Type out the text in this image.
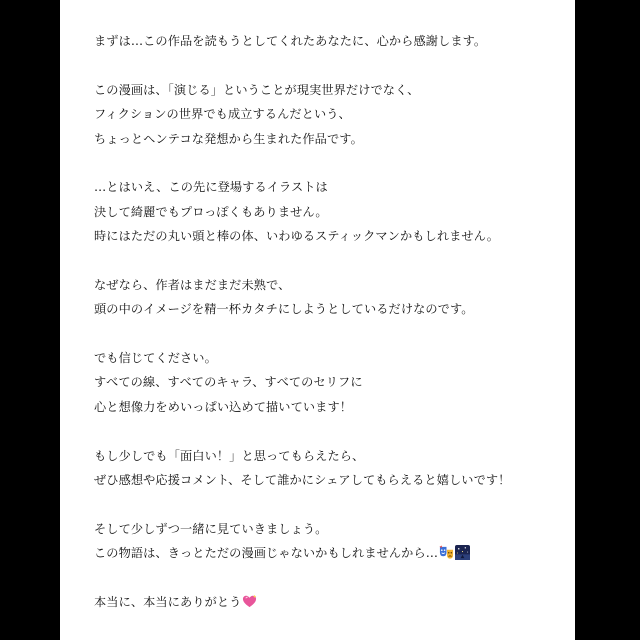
まずは…この作品を読もうとしてくれたあなたに、心から感謝します。
この漫画は、「演じる」ということが現実世界だけでなく、
フィクションの世界でも成立するんだという、
ちょっとヘンテコな発想から生まれた作品です。
…とはいえ、この先に登場するイラストは
決して綺麗でもプロっぽくもありません。
時にはただの丸い頭と棒の体、いわゆるスティックマンかもしれません。
なぜなら、作者はまだまだ未熟で、
頭の中のイメージを精一杯カタチにしようとしているだけなのです。
でも信じてください。
すべての線、すべてのキャラ、すべてのセリフに
心と想像力をめいっぱい込めて描いています！
もし少しでも「面白い！」と思ってもらえたら、
ぜひ感想や応援コメント、そして誰かにシェアしてもらえると嬉しいです！
そして少しずつ一緒に見ていきましょう。
この物語は、きっとただの漫画じゃないかもしれませんから…
本当に、本当にありがとう
